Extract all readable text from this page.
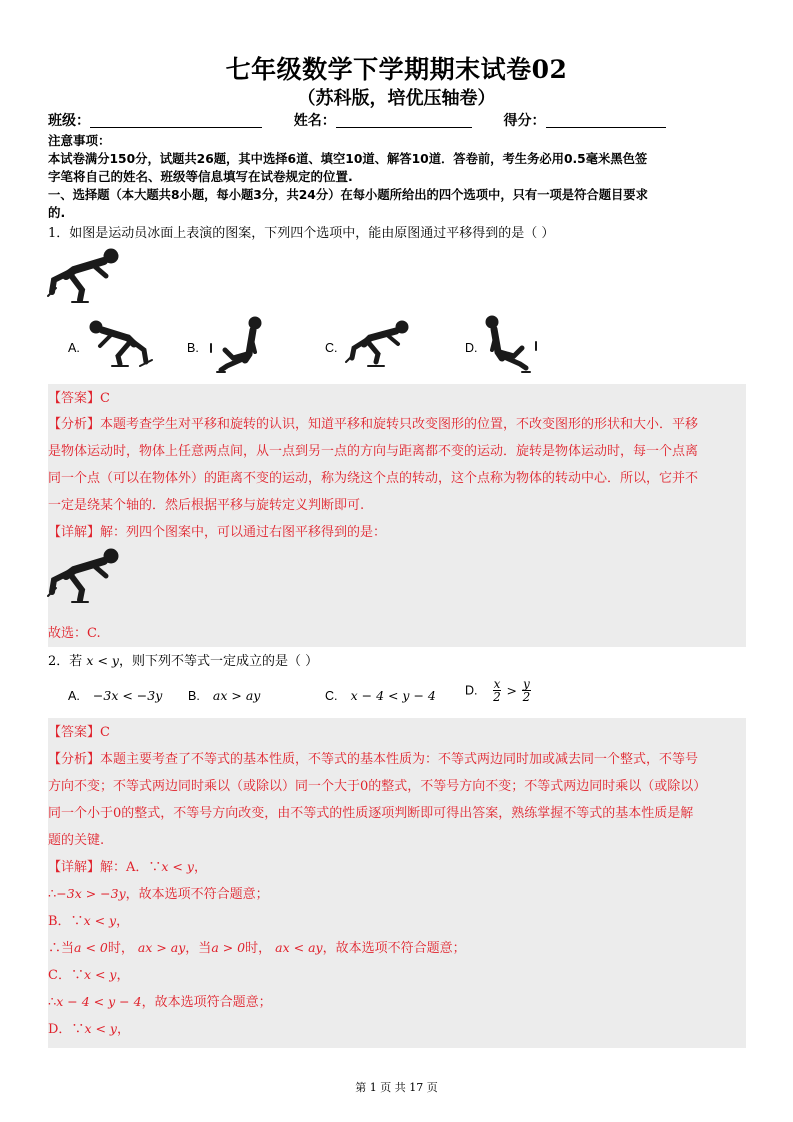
七年级数学下学期期末试卷02
（苏科版，培优压轴卷）
班级：	姓名：	得分：
注意事项：
本试卷满分150分，试题共26题，其中选择6道、填空10道、解答10道．答卷前，考生务必用0.5毫米黑色签
字笔将自己的姓名、班级等信息填写在试卷规定的位置.
一、选择题（本大题共8小题，每小题3分，共24分）在每小题所给出的四个选项中，只有一项是符合题目要求
的.
1．如图是运动员冰面上表演的图案，下列四个选项中，能由原图通过平移得到的是（ ）
A.	B.	C.	D.
【答案】C
【分析】本题考查学生对平移和旋转的认识，知道平移和旋转只改变图形的位置，不改变图形的形状和大小．平移
是物体运动时，物体上任意两点间，从一点到另一点的方向与距离都不变的运动．旋转是物体运动时，每一个点离
同一个点（可以在物体外）的距离不变的运动，称为绕这个点的转动，这个点称为物体的转动中心．所以，它并不
一定是绕某个轴的．然后根据平移与旋转定义判断即可.
【详解】解：列四个图案中，可以通过右图平移得到的是：
故选：C.
2．若 x < y，则下列不等式一定成立的是（ ）
A. −3x < −3y B. ax > ay	C. x − 4 < y − 4 D. $\frac{x}{2} > \frac{y}{2}$
【答案】C
【分析】本题主要考查了不等式的基本性质，不等式的基本性质为：不等式两边同时加或减去同一个整式，不等号
方向不变；不等式两边同时乘以（或除以）同一个大于0的整式，不等号方向不变；不等式两边同时乘以（或除以）
同一个小于0的整式，不等号方向改变，由不等式的性质逐项判断即可得出答案，熟练掌握不等式的基本性质是解
题的关键.
【详解】解：A．∵x < y，
∴−3x > −3y，故本选项不符合题意；
B．∵x < y，
∴当a < 0时， ax > ay，当a > 0时， ax < ay，故本选项不符合题意；
C．∵x < y，
∴x − 4 < y − 4，故本选项符合题意；
D．∵x < y，
第 1 页 共 17 页
